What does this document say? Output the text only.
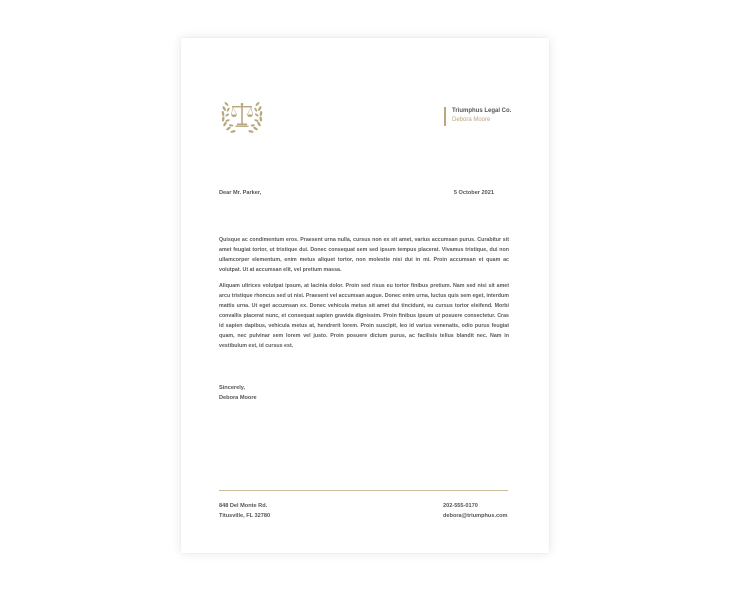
Triumphus Legal Co.
Debora Moore
Dear Mr. Parker,	5 October 2021

Quisque ac condimentum eros. Praesent urna nulla, cursus non ex sit amet, varius accumsan purus. Curabitur sit amet feugiat tortor, ut tristique dui. Donec consequat sem sed ipsum tempus placerat. Vivamus tristique, dui non ullamcorper elementum, enim metus aliquet tortor, non molestie nisi dui in mi. Proin accumsan et quam ac volutpat. Ut at accumsan elit, vel pretium massa.

Aliquam ultrices volutpat ipsum, at lacinia dolor. Proin sed risus eu tortor finibus pretium. Nam sed nisi sit amet arcu tristique rhoncus sed ut nisi. Praesent vel accumsan augue. Donec enim urna, luctus quis sem eget, interdum mattis urna. Ut eget accumsan ex. Donec vehicula metus sit amet dui tincidunt, eu cursus tortor eleifend. Morbi convallis placerat nunc, et consequat sapien gravida dignissim. Proin finibus ipsum ut posuere consectetur. Cras id sapien dapibus, vehicula metus at, hendrerit lorem. Proin suscipit, leo id varius venenatis, odio purus feugiat quam, nec pulvinar sem lorem vel justo. Proin posuere dictum purus, ac facilisis tellus blandit nec. Nam in vestibulum est, id cursus est.

Sincerely,
Debora Moore
848 Del Monte Rd.
Titusville, FL 32780
202-555-0170
debora@triumphus.com
